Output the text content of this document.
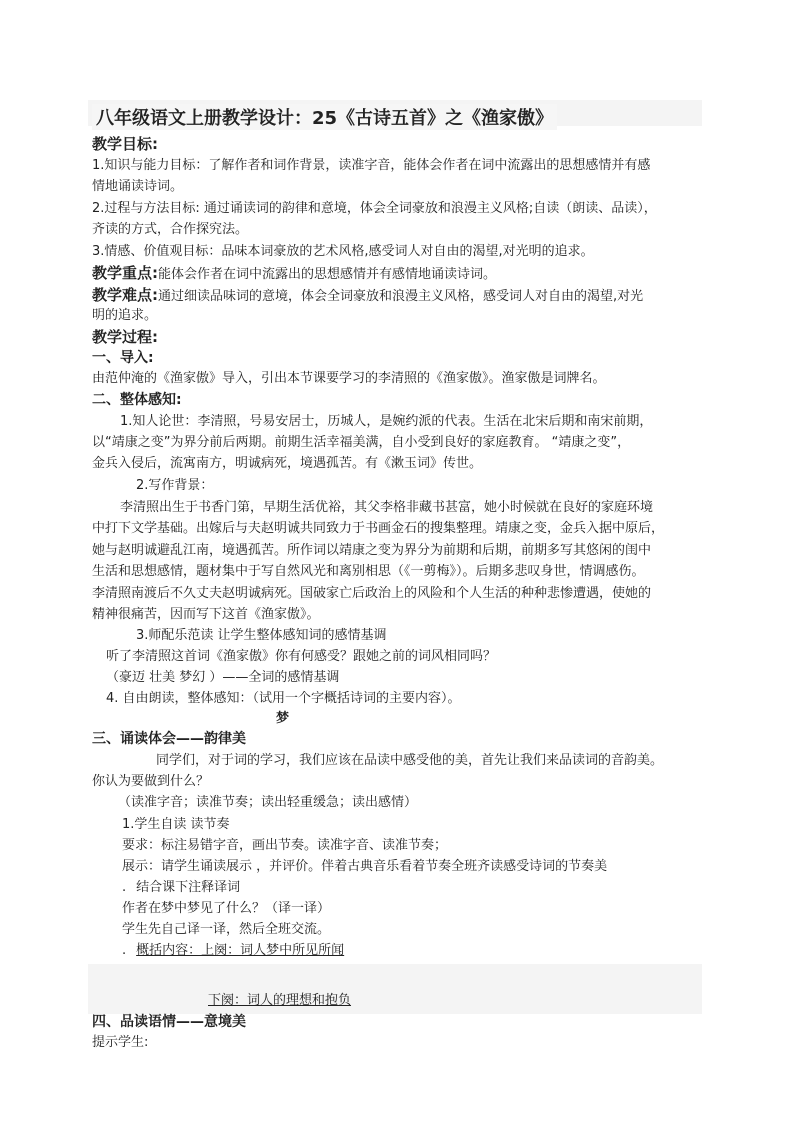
八年级语文上册教学设计：25《古诗五首》之《渔家傲》
教学目标:
1.知识与能力目标：了解作者和词作背景，读准字音，能体会作者在词中流露出的思想感情并有感
情地诵读诗词。
2.过程与方法目标: 通过诵读词的韵律和意境，体会全词豪放和浪漫主义风格;自读（朗读、品读），
齐读的方式，合作探究法。
3.情感、价值观目标：品味本词豪放的艺术风格,感受词人对自由的渴望,对光明的追求。
教学重点:能体会作者在词中流露出的思想感情并有感情地诵读诗词。
教学难点:通过细读品味词的意境，体会全词豪放和浪漫主义风格，感受词人对自由的渴望,对光
明的追求。
教学过程:
一、导入:
由范仲淹的《渔家傲》导入，引出本节课要学习的李清照的《渔家傲》。渔家傲是词牌名。
二、整体感知:
1.知人论世：李清照，号易安居士，历城人，是婉约派的代表。生活在北宋后期和南宋前期，
以“靖康之变”为界分前后两期。前期生活幸福美满，自小受到良好的家庭教育。 “靖康之变”，
金兵入侵后，流寓南方，明诚病死，境遇孤苦。有《漱玉词》传世。
2.写作背景：
李清照出生于书香门第，早期生活优裕，其父李格非藏书甚富，她小时候就在良好的家庭环境
中打下文学基础。出嫁后与夫赵明诚共同致力于书画金石的搜集整理。靖康之变，金兵入据中原后，
她与赵明诚避乱江南，境遇孤苦。所作词以靖康之变为界分为前期和后期，前期多写其悠闲的闺中
生活和思想感情，题材集中于写自然风光和离别相思（《一剪梅》）。后期多悲叹身世，情调感伤。
李清照南渡后不久丈夫赵明诚病死。国破家亡后政治上的风险和个人生活的种种悲惨遭遇，使她的
精神很痛苦，因而写下这首《渔家傲》。
3.师配乐范读 让学生整体感知词的感情基调
听了李清照这首词《渔家傲》你有何感受？跟她之前的词风相同吗？
（豪迈 壮美 梦幻 ）——全词的感情基调
4. 自由朗读，整体感知：（试用一个字概括诗词的主要内容）。
梦
三、诵读体会——韵律美
同学们，对于词的学习，我们应该在品读中感受他的美，首先让我们来品读词的音韵美。
你认为要做到什么？
（读准字音；读准节奏；读出轻重缓急；读出感情）
1.学生自读 读节奏
要求：标注易错字音，画出节奏。读准字音、读准节奏；
展示：请学生诵读展示 ，并评价。伴着古典音乐看着节奏全班齐读感受诗词的节奏美
. 结合课下注释译词
作者在梦中梦见了什么？（译一译）
学生先自己译一译，然后全班交流。
. 概括内容：上阕：词人梦中所见所闻
下阕：词人的理想和抱负
四、品读语情——意境美
提示学生:
